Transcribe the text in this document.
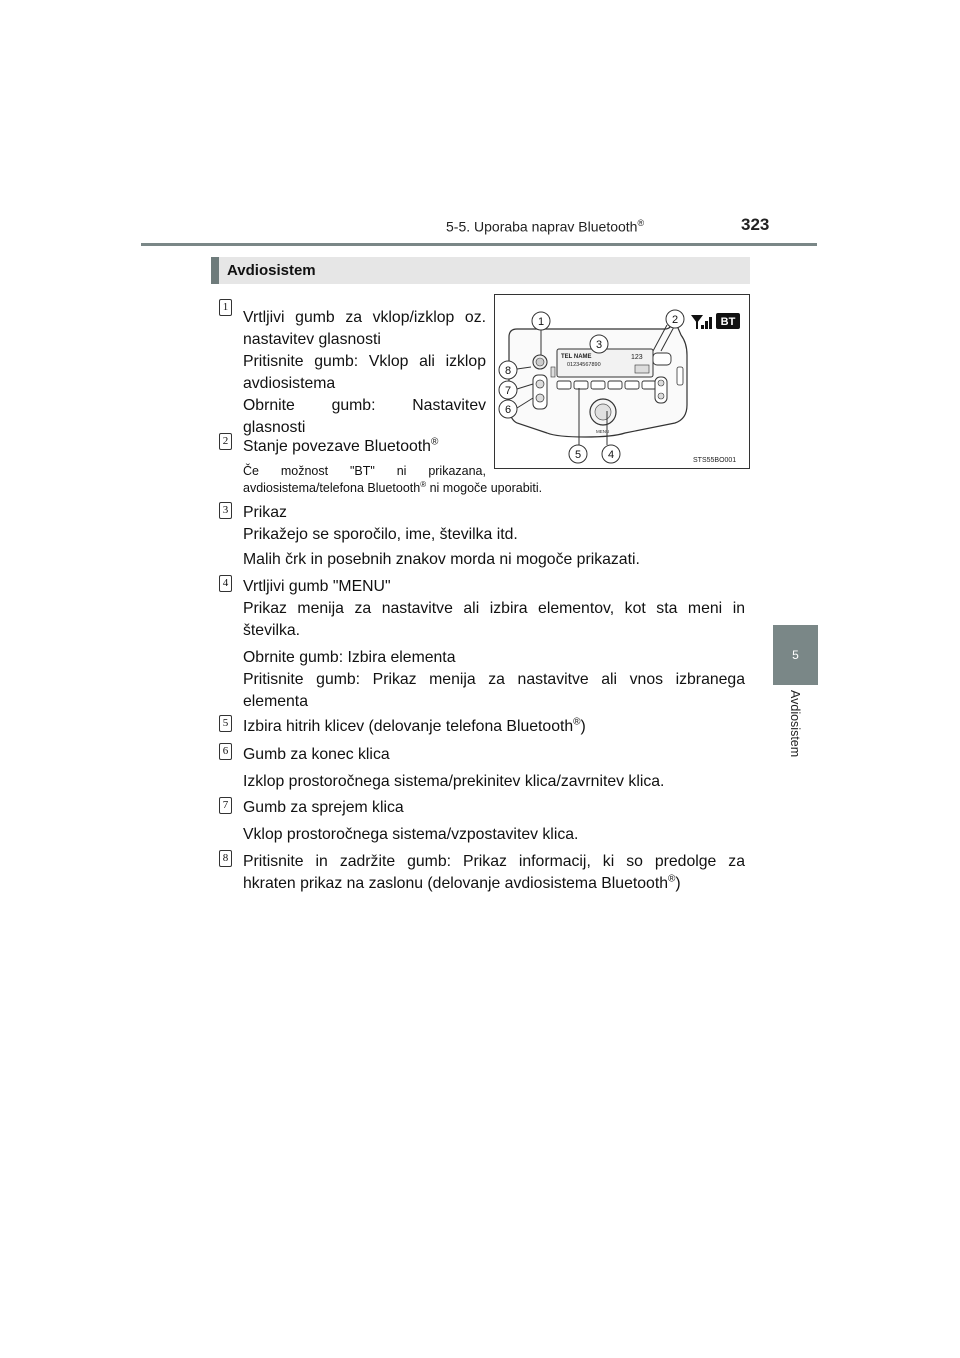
5-5. Uporaba naprav Bluetooth®	323
5
Avdiosistem
Avdiosistem
TEL NAME
01234567890
123
MENU
1	2
3
4
5
6
7
8
BT
STS55BO001
1
Vrtljivi gumb za vklop/izklop oz.
nastavitev glasnosti
Pritisnite gumb: Vklop ali izklop
avdiosistema
Obrnite gumb: Nastavitev
glasnosti
2 Stanje povezave Bluetooth®
Če možnost "BT" ni prikazana,
avdiosistema/telefona Bluetooth® ni mogoče uporabiti.
3 Prikaz
Prikažejo se sporočilo, ime, številka itd.
Malih črk in posebnih znakov morda ni mogoče prikazati.
4 Vrtljivi gumb "MENU"
Prikaz menija za nastavitve ali izbira elementov, kot sta meni in
številka.
Obrnite gumb: Izbira elementa
Pritisnite gumb: Prikaz menija za nastavitve ali vnos izbranega
elementa
5 Izbira hitrih klicev (delovanje telefona Bluetooth®)
6 Gumb za konec klica
Izklop prostoročnega sistema/prekinitev klica/zavrnitev klica.
7 Gumb za sprejem klica
Vklop prostoročnega sistema/vzpostavitev klica.
8 Pritisnite in zadržite gumb: Prikaz informacij, ki so predolge za
hkraten prikaz na zaslonu (delovanje avdiosistema Bluetooth®)
